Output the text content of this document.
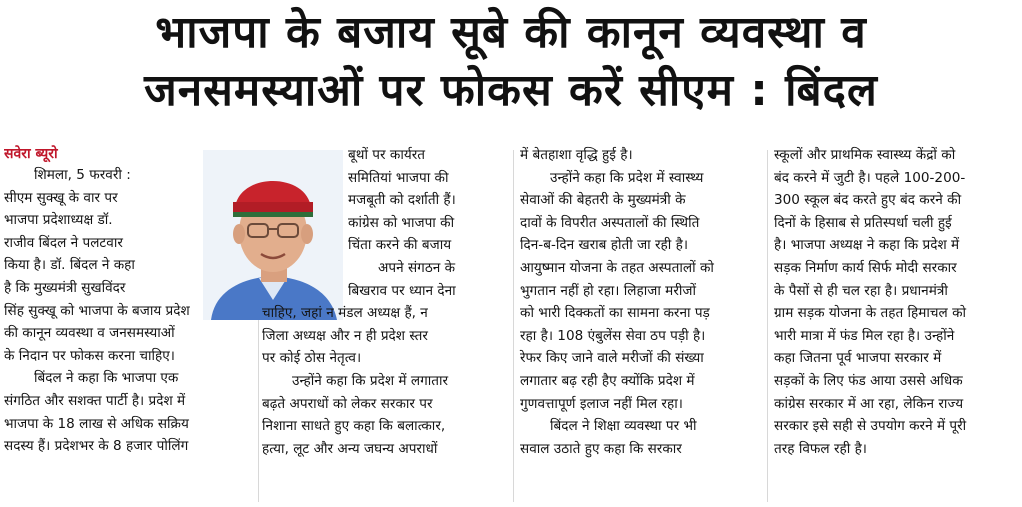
भाजपा के बजाय सूबे की कानून व्यवस्था व
जनसमस्याओं पर फोकस करें सीएम : बिंदल
सवेरा ब्यूरो

शिमला, 5 फरवरी :

सीएम सुक्खू के वार पर

भाजपा प्रदेशाध्यक्ष डॉ.

राजीव बिंदल ने पलटवार

किया है। डॉ. बिंदल ने कहा

है कि मुख्यमंत्री सुखविंदर

सिंह सुक्खू को भाजपा के बजाय प्रदेश

की कानून व्यवस्था व जनसमस्याओं

के निदान पर फोकस करना चाहिए।

बिंदल ने कहा कि भाजपा एक

संगठित और सशक्त पार्टी है। प्रदेश में

भाजपा के 18 लाख से अधिक सक्रिय

सदस्य हैं। प्रदेशभर के 8 हजार पोलिंग

बूथों पर कार्यरत

समितियां भाजपा की

मजबूती को दर्शाती हैं।

कांग्रेस को भाजपा की

चिंता करने की बजाय

अपने संगठन के

बिखराव पर ध्यान देना

चाहिए, जहां न मंडल अध्यक्ष हैं, न

जिला अध्यक्ष और न ही प्रदेश स्तर

पर कोई ठोस नेतृत्व।

उन्होंने कहा कि प्रदेश में लगातार

बढ़ते अपराधों को लेकर सरकार पर

निशाना साधते हुए कहा कि बलात्कार,

हत्या, लूट और अन्य जघन्य अपराधों

में बेतहाशा वृद्धि हुई है।

उन्होंने कहा कि प्रदेश में स्वास्थ्य

सेवाओं की बेहतरी के मुख्यमंत्री के

दावों के विपरीत अस्पतालों की स्थिति

दिन-ब-दिन खराब होती जा रही है।

आयुष्मान योजना के तहत अस्पतालों को

भुगतान नहीं हो रहा। लिहाजा मरीजों

को भारी दिक्कतों का सामना करना पड़

रहा है। 108 एंबुलेंस सेवा ठप पड़ी है।

रेफर किए जाने वाले मरीजों की संख्या

लगातार बढ़ रही हैए क्योंकि प्रदेश में

गुणवत्तापूर्ण इलाज नहीं मिल रहा।

बिंदल ने शिक्षा व्यवस्था पर भी

सवाल उठाते हुए कहा कि सरकार

स्कूलों और प्राथमिक स्वास्थ्य केंद्रों को

बंद करने में जुटी है। पहले 100-200-

300 स्कूल बंद करते हुए बंद करने की

दिनों के हिसाब से प्रतिस्पर्धा चली हुई

है। भाजपा अध्यक्ष ने कहा कि प्रदेश में

सड़क निर्माण कार्य सिर्फ मोदी सरकार

के पैसों से ही चल रहा है। प्रधानमंत्री

ग्राम सड़क योजना के तहत हिमाचल को

भारी मात्रा में फंड मिल रहा है। उन्होंने

कहा जितना पूर्व भाजपा सरकार में

सड़कों के लिए फंड आया उससे अधिक

कांग्रेस सरकार में आ रहा, लेकिन राज्य

सरकार इसे सही से उपयोग करने में पूरी

तरह विफल रही है।
